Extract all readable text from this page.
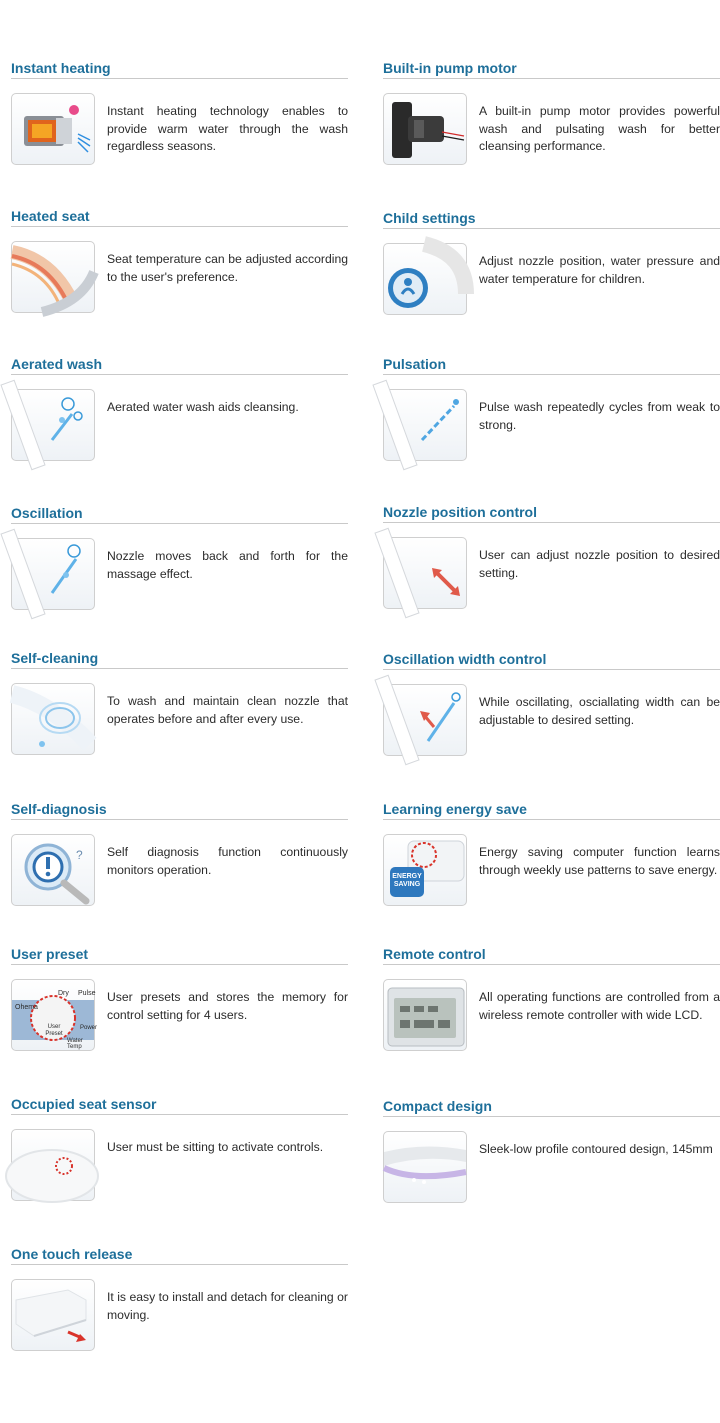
Instant heating

Instant heating technology enables to provide warm water through the wash regardless seasons.

Built-in pump motor

A built-in pump motor provides powerful wash and pulsating wash for better cleansing performance.

Heated seat

Seat temperature can be adjusted according to the user's preference.

Child settings

Adjust nozzle position, water pressure and water temperature for children.

Aerated wash

Aerated water wash aids cleansing.

Pulsation

Pulse wash repeatedly cycles from weak to strong.

Oscillation

Nozzle moves back and forth for the massage effect.

Nozzle position control

User can adjust nozzle position to desired setting.

Self-cleaning

To wash and maintain clean nozzle that operates before and after every use.

Oscillation width control

While oscillating, osciallating width can be adjustable to desired setting.

Self-diagnosis
? Self diagnosis function continuously monitors operation.

Learning energy save
ENERGY SAVING

Energy saving computer function learns through weekly use patterns to save energy.

User preset
Dry Pulse
Ohema
User Preset
Power
Water Temp

User presets and stores the memory for control setting for 4 users.

Remote control

All operating functions are controlled from a wireless remote controller with wide LCD.

Occupied seat sensor

User must be sitting to activate controls.

Compact design

Sleek-low profile contoured design, 145mm

One touch release

It is easy to install and detach for cleaning or moving.
